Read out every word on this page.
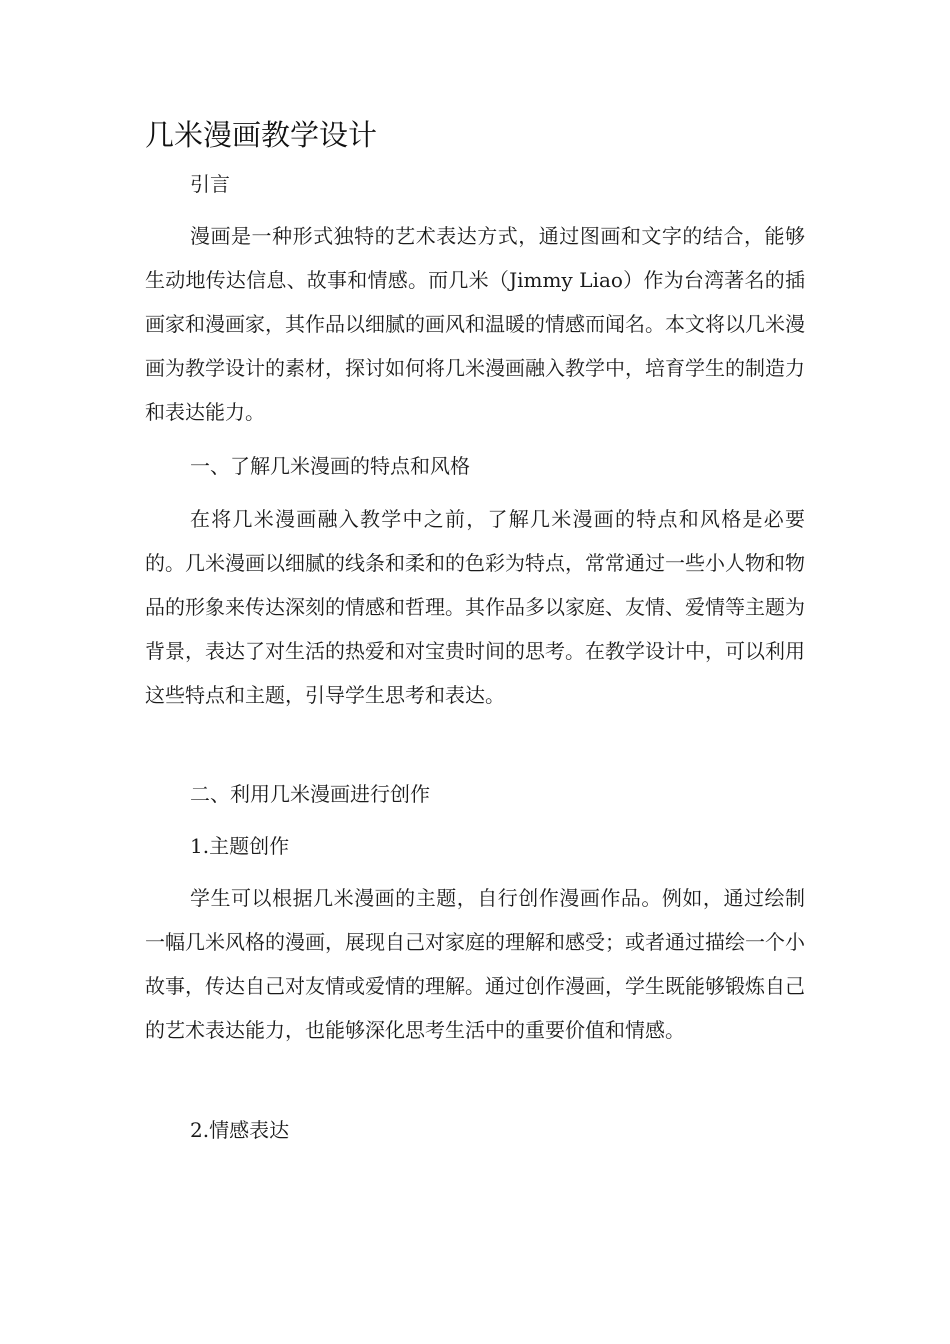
几米漫画教学设计

引言

漫画是一种形式独特的艺术表达方式，通过图画和文字的结合，能够生动地传达信息、故事和情感。而几米（Jimmy Liao）作为台湾著名的插画家和漫画家，其作品以细腻的画风和温暖的情感而闻名。本文将以几米漫画为教学设计的素材，探讨如何将几米漫画融入教学中，培育学生的制造力和表达能力。

一、了解几米漫画的特点和风格

在将几米漫画融入教学中之前，了解几米漫画的特点和风格是必要的。几米漫画以细腻的线条和柔和的色彩为特点，常常通过一些小人物和物品的形象来传达深刻的情感和哲理。其作品多以家庭、友情、爱情等主题为背景，表达了对生活的热爱和对宝贵时间的思考。在教学设计中，可以利用这些特点和主题，引导学生思考和表达。

二、利用几米漫画进行创作

1.主题创作

学生可以根据几米漫画的主题，自行创作漫画作品。例如，通过绘制一幅几米风格的漫画，展现自己对家庭的理解和感受；或者通过描绘一个小故事，传达自己对友情或爱情的理解。通过创作漫画，学生既能够锻炼自己的艺术表达能力，也能够深化思考生活中的重要价值和情感。

2.情感表达
